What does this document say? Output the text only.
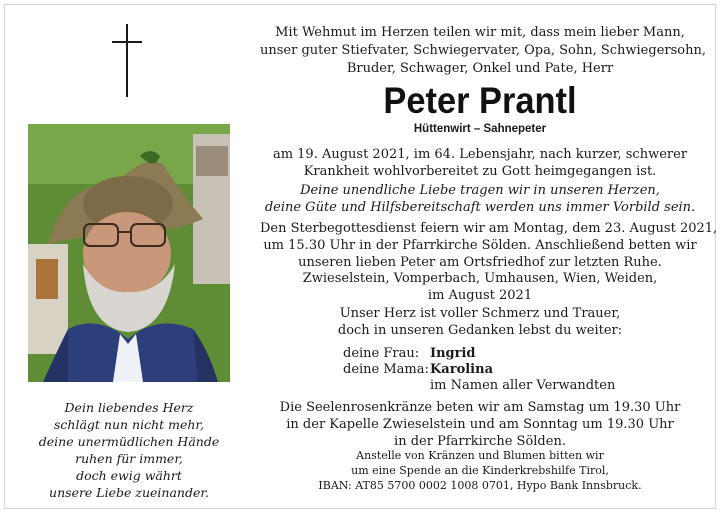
Mit Wehmut im Herzen teilen wir mit, dass mein lieber Mann,
unser guter Stiefvater, Schwiegervater, Opa, Sohn, Schwiegersohn,
Bruder, Schwager, Onkel und Pate, Herr
Peter Prantl
Hüttenwirt – Sahnepeter
am 19. August 2021, im 64. Lebensjahr, nach kurzer, schwerer
Krankheit wohlvorbereitet zu Gott heimgegangen ist.
Deine unendliche Liebe tragen wir in unseren Herzen,
deine Güte und Hilfsbereitschaft werden uns immer Vorbild sein.
Den Sterbegottesdienst feiern wir am Montag, dem 23. August 2021,
um 15.30 Uhr in der Pfarrkirche Sölden. Anschließend betten wir
unseren lieben Peter am Ortsfriedhof zur letzten Ruhe.
Zwieselstein, Vomperbach, Umhausen, Wien, Weiden,
im August 2021
Unser Herz ist voller Schmerz und Trauer,
doch in unseren Gedanken lebst du weiter:
deine Frau: Ingrid
deine Mama: Karolina
im Namen aller Verwandten
Die Seelenrosenkränze beten wir am Samstag um 19.30 Uhr
in der Kapelle Zwieselstein und am Sonntag um 19.30 Uhr
in der Pfarrkirche Sölden.
Anstelle von Kränzen und Blumen bitten wir
um eine Spende an die Kinderkrebshilfe Tirol,
IBAN: AT85 5700 0002 1008 0701, Hypo Bank Innsbruck.
Dein liebendes Herz
schlägt nun nicht mehr,
deine unermüdlichen Hände
ruhen für immer,
doch ewig währt
unsere Liebe zueinander.
